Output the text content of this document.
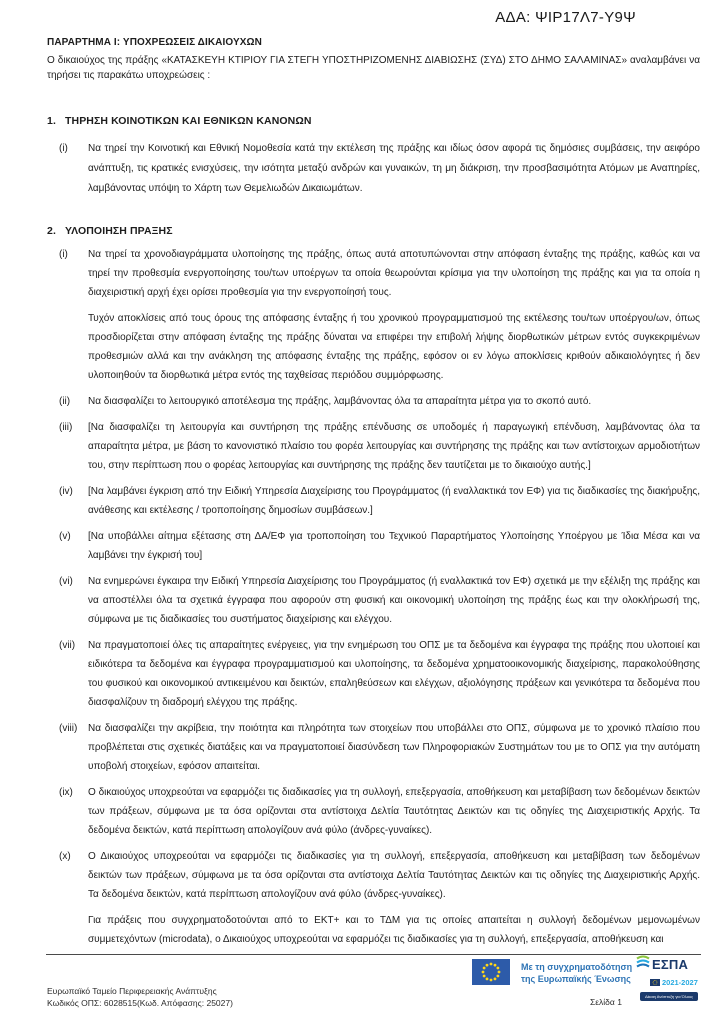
ΑΔΑ: ΨΙΡ17Λ7-Υ9Ψ
ΠΑΡΑΡΤΗΜΑ Ι: ΥΠΟΧΡΕΩΣΕΙΣ ΔΙΚΑΙΟΥΧΩΝ

Ο δικαιούχος της πράξης «ΚΑΤΑΣΚΕΥΗ ΚΤΙΡΙΟΥ ΓΙΑ ΣΤΕΓΗ ΥΠΟΣΤΗΡΙΖΟΜΕΝΗΣ ΔΙΑΒΙΩΣΗΣ (ΣΥΔ) ΣΤΟ ΔΗΜΟ ΣΑΛΑΜΙΝΑΣ» αναλαμβάνει να τηρήσει τις παρακάτω υποχρεώσεις :

1. ΤΗΡΗΣΗ ΚΟΙΝΟΤΙΚΩΝ ΚΑΙ ΕΘΝΙΚΩΝ ΚΑΝΟΝΩΝ
(i)	Να τηρεί την Κοινοτική και Εθνική Νομοθεσία κατά την εκτέλεση της πράξης και ιδίως όσον αφορά τις δημόσιες συμβάσεις, την αειφόρο ανάπτυξη, τις κρατικές ενισχύσεις, την ισότητα μεταξύ ανδρών και γυναικών, τη μη διάκριση, την προσβασιμότητα Ατόμων με Αναπηρίες, λαμβάνοντας υπόψη το Χάρτη των Θεμελιωδών Δικαιωμάτων.

2. ΥΛΟΠΟΙΗΣΗ ΠΡΑΞΗΣ
(i)	Να τηρεί τα χρονοδιαγράμματα υλοποίησης της πράξης, όπως αυτά αποτυπώνονται στην απόφαση ένταξης της πράξης, καθώς και να τηρεί την προθεσμία ενεργοποίησης του/των υποέργων τα οποία θεωρούνται κρίσιμα για την υλοποίηση της πράξης και για τα οποία η διαχειριστική αρχή έχει ορίσει προθεσμία για την ενεργοποίησή τους.

Τυχόν αποκλίσεις από τους όρους της απόφασης ένταξης ή του χρονικού προγραμματισμού της εκτέλεσης του/των υποέργου/ων, όπως προσδιορίζεται στην απόφαση ένταξης της πράξης δύναται να επιφέρει την επιβολή λήψης διορθωτικών μέτρων εντός συγκεκριμένων προθεσμιών αλλά και την ανάκληση της απόφασης ένταξης της πράξης, εφόσον οι εν λόγω αποκλίσεις κριθούν αδικαιολόγητες ή δεν υλοποιηθούν τα διορθωτικά μέτρα εντός της ταχθείσας περιόδου συμμόρφωσης.

(ii)	Να διασφαλίζει το λειτουργικό αποτέλεσμα της πράξης, λαμβάνοντας όλα τα απαραίτητα μέτρα για το σκοπό αυτό.

(iii)	[Να διασφαλίζει τη λειτουργία και συντήρηση της πράξης επένδυσης σε υποδομές ή παραγωγική επένδυση, λαμβάνοντας όλα τα απαραίτητα μέτρα, με βάση το κανονιστικό πλαίσιο του φορέα λειτουργίας και συντήρησης της πράξης και των αντίστοιχων αρμοδιοτήτων του, στην περίπτωση που ο φορέας λειτουργίας και συντήρησης της πράξης δεν ταυτίζεται με το δικαιούχο αυτής.]

(iv)	[Να λαμβάνει έγκριση από την Ειδική Υπηρεσία Διαχείρισης του Προγράμματος (ή εναλλακτικά τον ΕΦ) για τις διαδικασίες της διακήρυξης, ανάθεσης και εκτέλεσης / τροποποίησης δημοσίων συμβάσεων.]

(v)	[Να υποβάλλει αίτημα εξέτασης στη ΔΑ/ΕΦ για τροποποίηση του Τεχνικού Παραρτήματος Υλοποίησης Υποέργου με Ίδια Μέσα και να λαμβάνει την έγκρισή του]

(vi)	Να ενημερώνει έγκαιρα την Ειδική Υπηρεσία Διαχείρισης του Προγράμματος (ή εναλλακτικά τον ΕΦ) σχετικά με την εξέλιξη της πράξης και να αποστέλλει όλα τα σχετικά έγγραφα που αφορούν στη φυσική και οικονομική υλοποίηση της πράξης έως και την ολοκλήρωσή της, σύμφωνα με τις διαδικασίες του συστήματος διαχείρισης και ελέγχου.

(vii)	Να πραγματοποιεί όλες τις απαραίτητες ενέργειες, για την ενημέρωση του ΟΠΣ με τα δεδομένα και έγγραφα της πράξης που υλοποιεί και ειδικότερα τα δεδομένα και έγγραφα προγραμματισμού και υλοποίησης, τα δεδομένα χρηματοοικονομικής διαχείρισης, παρακολούθησης του φυσικού και οικονομικού αντικειμένου και δεικτών, επαληθεύσεων και ελέγχων, αξιολόγησης πράξεων και γενικότερα τα δεδομένα που διασφαλίζουν τη διαδρομή ελέγχου της πράξης.

(viii)	Να διασφαλίζει την ακρίβεια, την ποιότητα και πληρότητα των στοιχείων που υποβάλλει στο ΟΠΣ, σύμφωνα με το χρονικό πλαίσιο που προβλέπεται στις σχετικές διατάξεις και να πραγματοποιεί διασύνδεση των Πληροφοριακών Συστημάτων του με το ΟΠΣ για την αυτόματη υποβολή στοιχείων, εφόσον απαιτείται.

(ix)	Ο δικαιούχος υποχρεούται να εφαρμόζει τις διαδικασίες για τη συλλογή, επεξεργασία, αποθήκευση και μεταβίβαση των δεδομένων δεικτών των πράξεων, σύμφωνα με τα όσα ορίζονται στα αντίστοιχα Δελτία Ταυτότητας Δεικτών και τις οδηγίες της Διαχειριστικής Αρχής. Τα δεδομένα δεικτών, κατά περίπτωση απολογίζουν ανά φύλο (άνδρες-γυναίκες).

(x)	Ο Δικαιούχος υποχρεούται να εφαρμόζει τις διαδικασίες για τη συλλογή, επεξεργασία, αποθήκευση και μεταβίβαση των δεδομένων δεικτών των πράξεων, σύμφωνα με τα όσα ορίζονται στα αντίστοιχα Δελτία Ταυτότητας Δεικτών και τις οδηγίες της Διαχειριστικής Αρχής. Τα δεδομένα δεικτών, κατά περίπτωση απολογίζουν ανά φύλο (άνδρες-γυναίκες).

Για πράξεις που συγχρηματοδοτούνται από το ΕΚΤ+ και το ΤΔΜ για τις οποίες απαιτείται η συλλογή δεδομένων μεμονωμένων συμμετεχόντων (microdata), ο Δικαιούχος υποχρεούται να εφαρμόζει τις διαδικασίες για τη συλλογή, επεξεργασία, αποθήκευση και

Με τη συγχρηματοδότηση της Ευρωπαϊκής Ένωσης
ΕΣΠΑ
2021-2027
Δίκαιη Ανάπτυξη για Όλους
Ευρωπαϊκό Ταμείο Περιφερειακής Ανάπτυξης
Κωδικός ΟΠΣ: 6028515(Κωδ. Απόφασης: 25027)	Σελίδα 1
